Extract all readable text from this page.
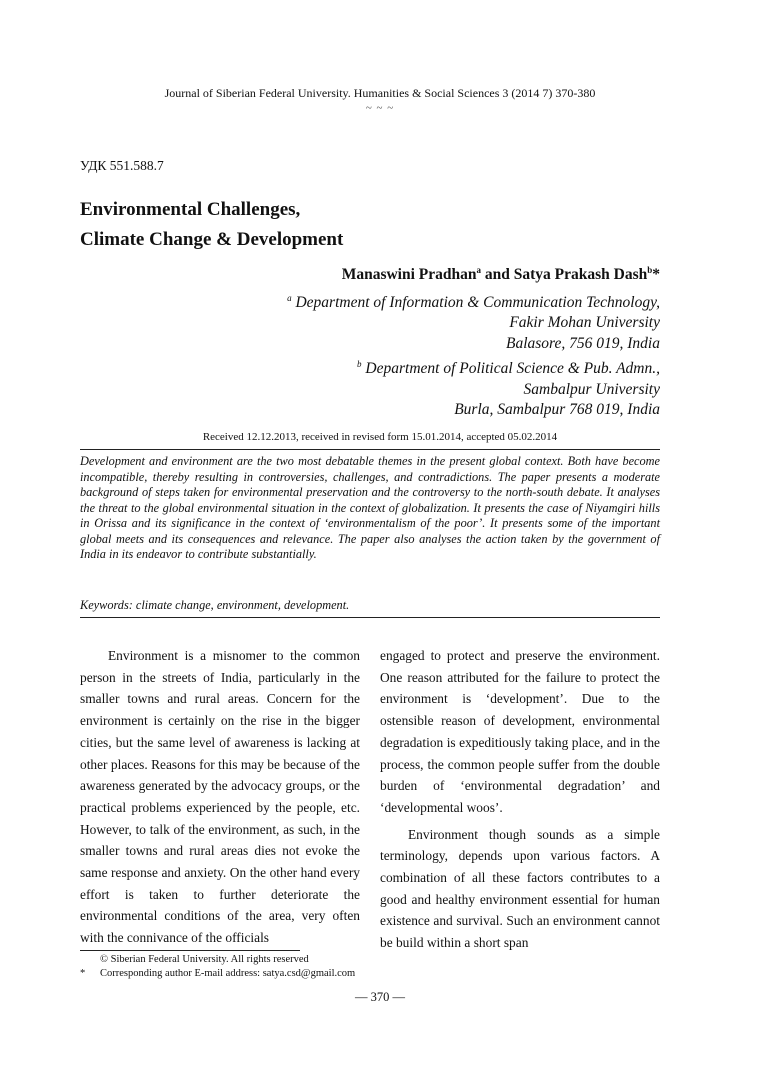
Journal of Siberian Federal University. Humanities & Social Sciences 3 (2014 7) 370-380
~ ~ ~
УДК 551.588.7
Environmental Challenges,
Climate Change & Development
Manaswini Pradhan$^a$ and Satya Prakash Dash$^b$*
$^a$ Department of Information & Communication Technology,
Fakir Mohan University
Balasore, 756 019, India
$^b$ Department of Political Science & Pub. Admn.,
Sambalpur University
Burla, Sambalpur 768 019, India
Received 12.12.2013, received in revised form 15.01.2014, accepted 05.02.2014
Development and environment are the two most debatable themes in the present global context. Both have become incompatible, thereby resulting in controversies, challenges, and contradictions. The paper presents a moderate background of steps taken for environmental preservation and the controversy to the north-south debate. It analyses the threat to the global environmental situation in the context of globalization. It presents the case of Niyamgiri hills in Orissa and its significance in the context of ‘environmentalism of the poor’. It presents some of the important global meets and its consequences and relevance. The paper also analyses the action taken by the government of India in its endeavor to contribute substantially.
Keywords: climate change, environment, development.

Environment is a misnomer to the common person in the streets of India, particularly in the smaller towns and rural areas. Concern for the environment is certainly on the rise in the bigger cities, but the same level of awareness is lacking at other places. Reasons for this may be because of the awareness generated by the advocacy groups, or the practical problems experienced by the people, etc. However, to talk of the environment, as such, in the smaller towns and rural areas dies not evoke the same response and anxiety. On the other hand every effort is taken to further deteriorate the environmental conditions of the area, very often with the connivance of the officials

engaged to protect and preserve the environment. One reason attributed for the failure to protect the environment is ‘development’. Due to the ostensible reason of development, environmental degradation is expeditiously taking place, and in the process, the common people suffer from the double burden of ‘environmental degradation’ and ‘developmental woos’.

Environment though sounds as a simple terminology, depends upon various factors. A combination of all these factors contributes to a good and healthy environment essential for human existence and survival. Such an environment cannot be build within a short span

© Siberian Federal University. All rights reserved
* Corresponding author E-mail address: satya.csd@gmail.com
— 370 —
